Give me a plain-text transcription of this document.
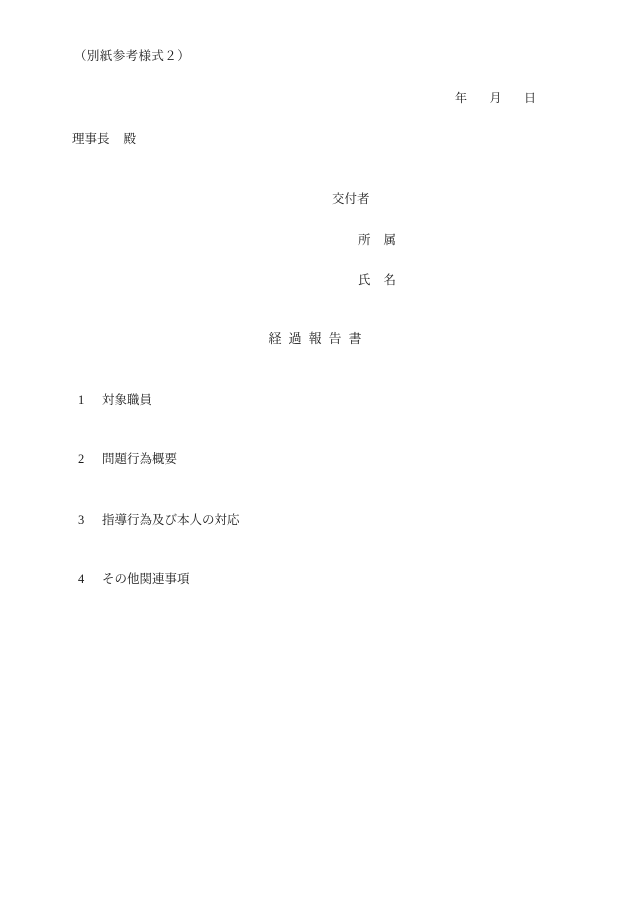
（別紙参考様式２）
年 月 日
理事長 殿
交付者
所 属
氏 名
経過報告書
1 対象職員
2 問題行為概要
3 指導行為及び本人の対応
4 その他関連事項
